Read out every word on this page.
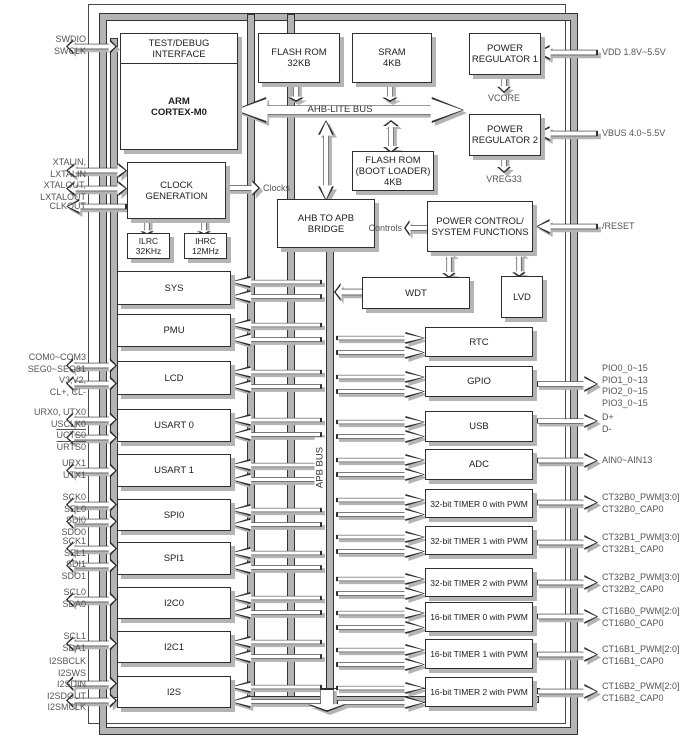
TEST/DEBUG
INTERFACE
ARM
CORTEX-M0
FLASH ROM
32KB
SRAM
4KB
POWER
REGULATOR 1
POWER
REGULATOR 2
FLASH ROM
(BOOT LOADER)
4KB
CLOCK GENERATION
ILRC
32KHz
IHRC
12MHz
AHB TO APB
BRIDGE
POWER CONTROL/
SYSTEM FUNCTIONS
WDT	LVD
RTC
SYS
PMU
LCD
USART 0
USART 1
SPI0
SPI1
I2C0
I2C1
I2S
GPIO
USB
ADC
32-bit TIMER 0 with PWM
32-bit TIMER 1 with PWM
32-bit TIMER 2 with PWM
16-bit TIMER 0 with PWM
16-bit TIMER 1 with PWM
16-bit TIMER 2 with PWM
AHB-LITE BUS
APB BUS
Clocks
Controls
VCORE
VREG33
SWDIO
SWCLK
XTALIN,
LXTALIN
XTALOUT,
LXTALOUT
CLKOUT
COM0~COM3
SEG0~SEG31
V3,V2,
CL+, CL-
URX0, UTX0
USCLK0
UCTS0
URTS0
URX1
UTX1
SCK0
SEL0
SDI0
SDO0
SCK1
SEL1
SDI1
SDO1
SCL0
SDA0
SCL1
SDA1
I2SBCLK
I2SWS
I2SDIN
I2SDOUT
I2SMCLK
VDD 1.8V~5.5V
VBUS 4.0~5.5V
/RESET
PIO0_0~15
PIO1_0~13
PIO2_0~15
PIO3_0~15
D+
D-
AIN0~AIN13
CT32B0_PWM[3:0]
CT32B0_CAP0
CT32B1_PWM[3:0]
CT32B1_CAP0
CT32B2_PWM[3:0]
CT32B2_CAP0
CT16B0_PWM[2:0]
CT16B0_CAP0
CT16B1_PWM[2:0]
CT16B1_CAP0
CT16B2_PWM[2:0]
CT16B2_CAP0
